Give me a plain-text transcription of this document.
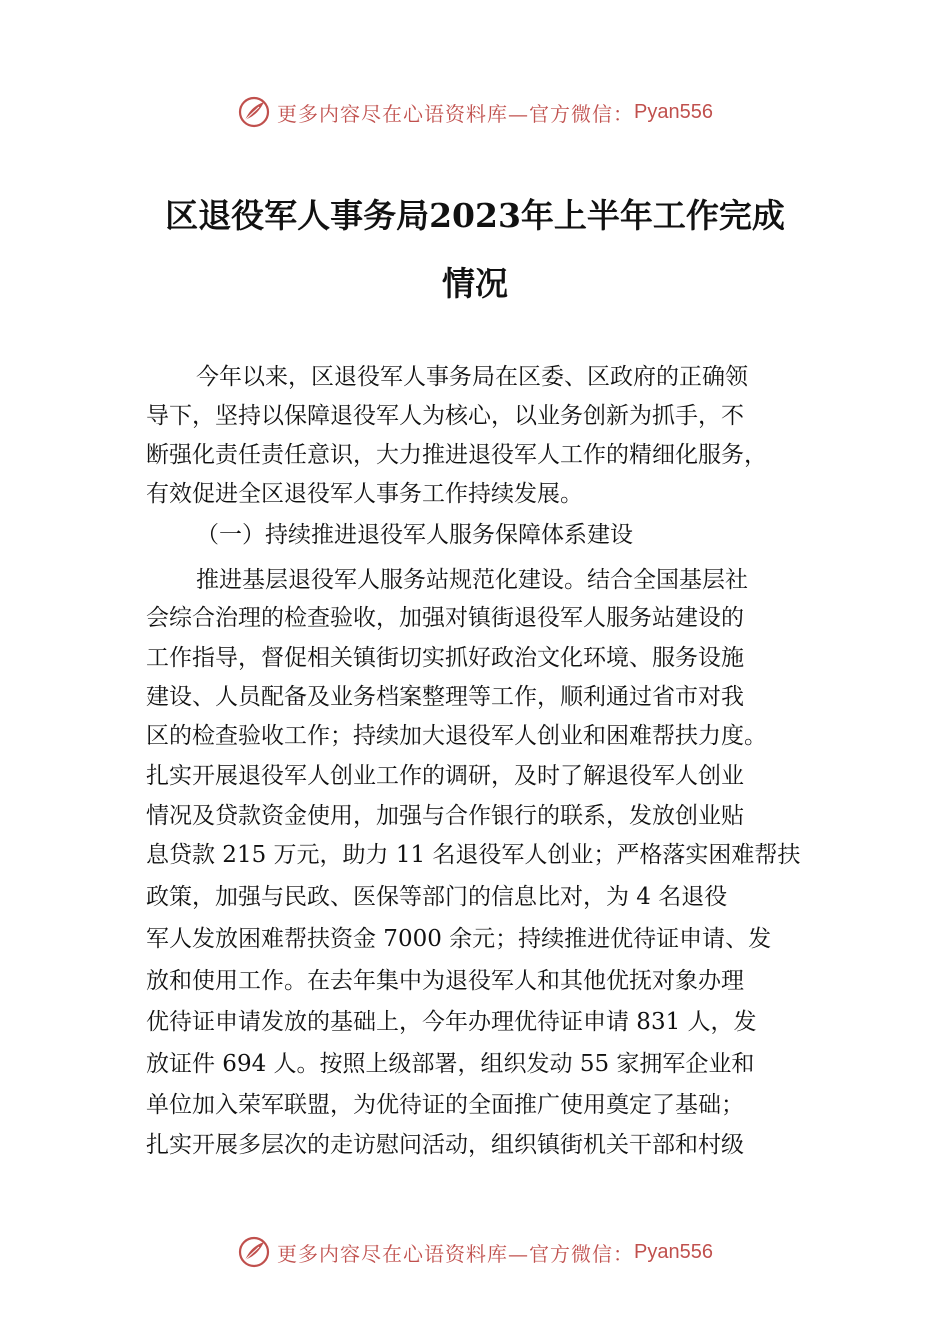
更多内容尽在心语资料库—官方微信： Pyan556
区退役军人事务局2023年上半年工作完成
情况

今年以来，区退役军人事务局在区委、区政府的正确领

导下，坚持以保障退役军人为核心，以业务创新为抓手，不

断强化责任责任意识，大力推进退役军人工作的精细化服务，

有效促进全区退役军人事务工作持续发展。

（一）持续推进退役军人服务保障体系建设

推进基层退役军人服务站规范化建设。结合全国基层社

会综合治理的检查验收，加强对镇街退役军人服务站建设的

工作指导，督促相关镇街切实抓好政治文化环境、服务设施

建设、人员配备及业务档案整理等工作，顺利通过省市对我

区的检查验收工作；持续加大退役军人创业和困难帮扶力度。

扎实开展退役军人创业工作的调研，及时了解退役军人创业

情况及贷款资金使用，加强与合作银行的联系，发放创业贴

息贷款 215 万元，助力 11 名退役军人创业；严格落实困难帮扶

政策，加强与民政、医保等部门的信息比对，为 4 名退役

军人发放困难帮扶资金 7000 余元；持续推进优待证申请、发

放和使用工作。在去年集中为退役军人和其他优抚对象办理

优待证申请发放的基础上，今年办理优待证申请 831 人，发

放证件 694 人。按照上级部署，组织发动 55 家拥军企业和

单位加入荣军联盟，为优待证的全面推广使用奠定了基础；

扎实开展多层次的走访慰问活动，组织镇街机关干部和村级

更多内容尽在心语资料库—官方微信： Pyan556
